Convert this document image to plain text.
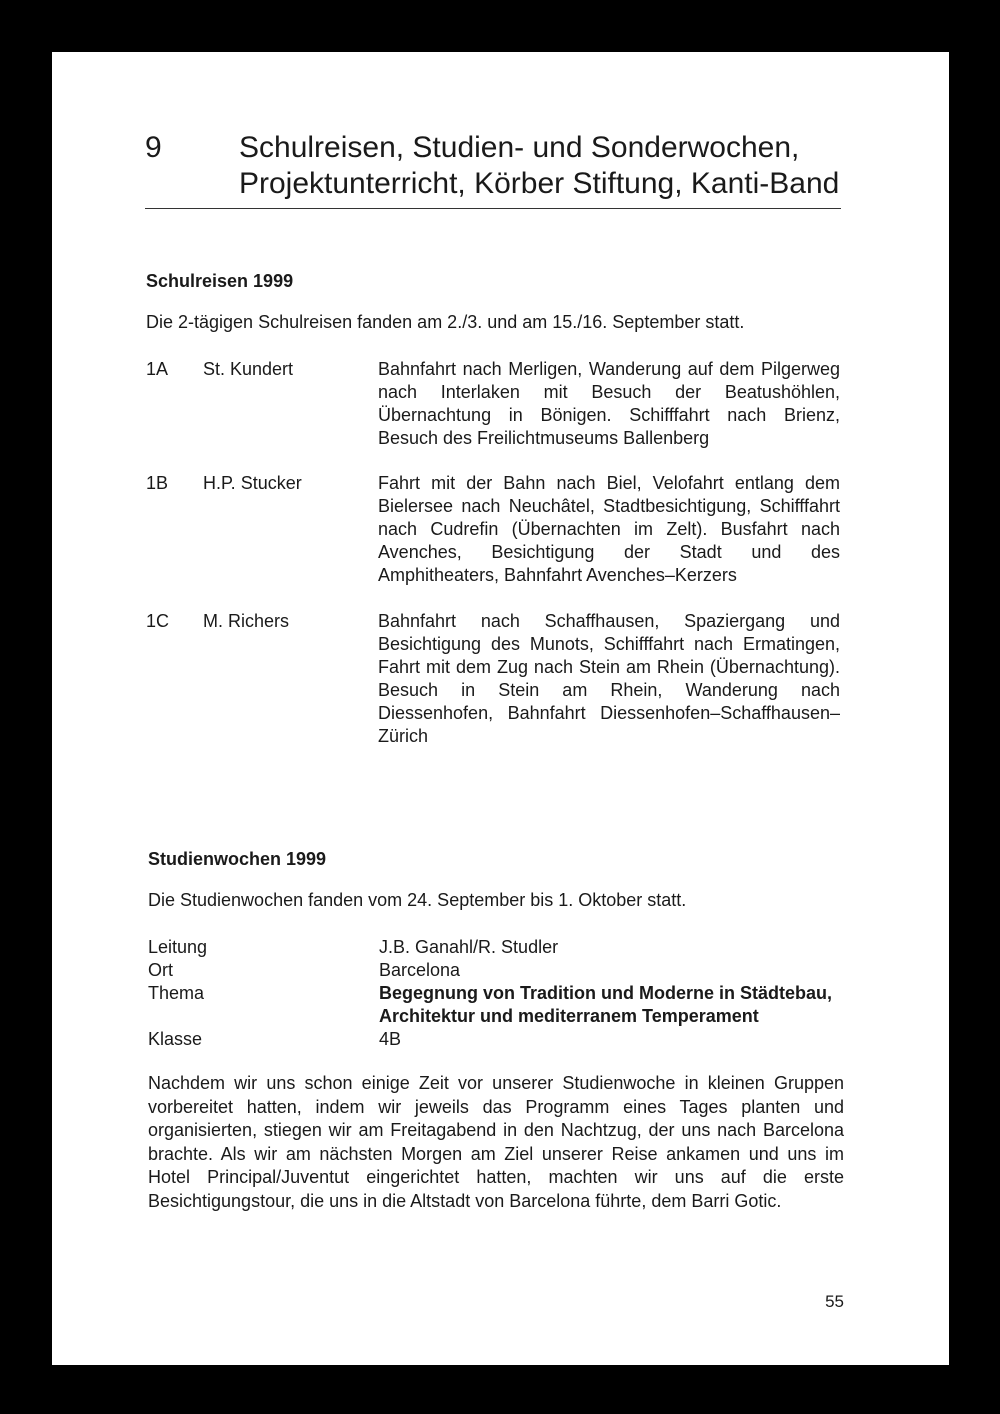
9	Schulreisen, Studien- und Sonderwochen,
Projektunterricht, Körber Stiftung, Kanti-Band
Schulreisen 1999
Die 2-tägigen Schulreisen fanden am 2./3. und am 15./16. September statt.
1A St. Kundert	Bahnfahrt nach Merligen, Wanderung auf dem Pilgerweg nach Interlaken mit Besuch der Beatushöhlen, Übernachtung in Bönigen. Schifffahrt nach Brienz, Besuch des Freilichtmuseums Ballenberg
1B H.P. Stucker	Fahrt mit der Bahn nach Biel, Velofahrt entlang dem Bielersee nach Neuchâtel, Stadtbesichtigung, Schifffahrt nach Cudrefin (Übernachten im Zelt). Busfahrt nach Avenches, Besichtigung der Stadt und des Amphitheaters, Bahnfahrt Avenches–Kerzers
1C M. Richers	Bahnfahrt nach Schaffhausen, Spaziergang und Besichtigung des Munots, Schifffahrt nach Ermatingen, Fahrt mit dem Zug nach Stein am Rhein (Übernachtung). Besuch in Stein am Rhein, Wanderung nach Diessenhofen, Bahnfahrt Diessenhofen–Schaffhausen–Zürich
Studienwochen 1999
Die Studienwochen fanden vom 24. September bis 1. Oktober statt.
Leitung	J.B. Ganahl/R. Studler
Ort	Barcelona
Thema	Begegnung von Tradition und Moderne in Städtebau, Architektur und mediterranem Temperament
Klasse	4B
Nachdem wir uns schon einige Zeit vor unserer Studienwoche in kleinen Gruppen vorbereitet hatten, indem wir jeweils das Programm eines Tages planten und organisierten, stiegen wir am Freitagabend in den Nachtzug, der uns nach Barcelona brachte. Als wir am nächsten Morgen am Ziel unserer Reise ankamen und uns im Hotel Principal/Juventut eingerichtet hatten, machten wir uns auf die erste Besichtigungstour, die uns in die Altstadt von Barcelona führte, dem Barri Gotic.
55
